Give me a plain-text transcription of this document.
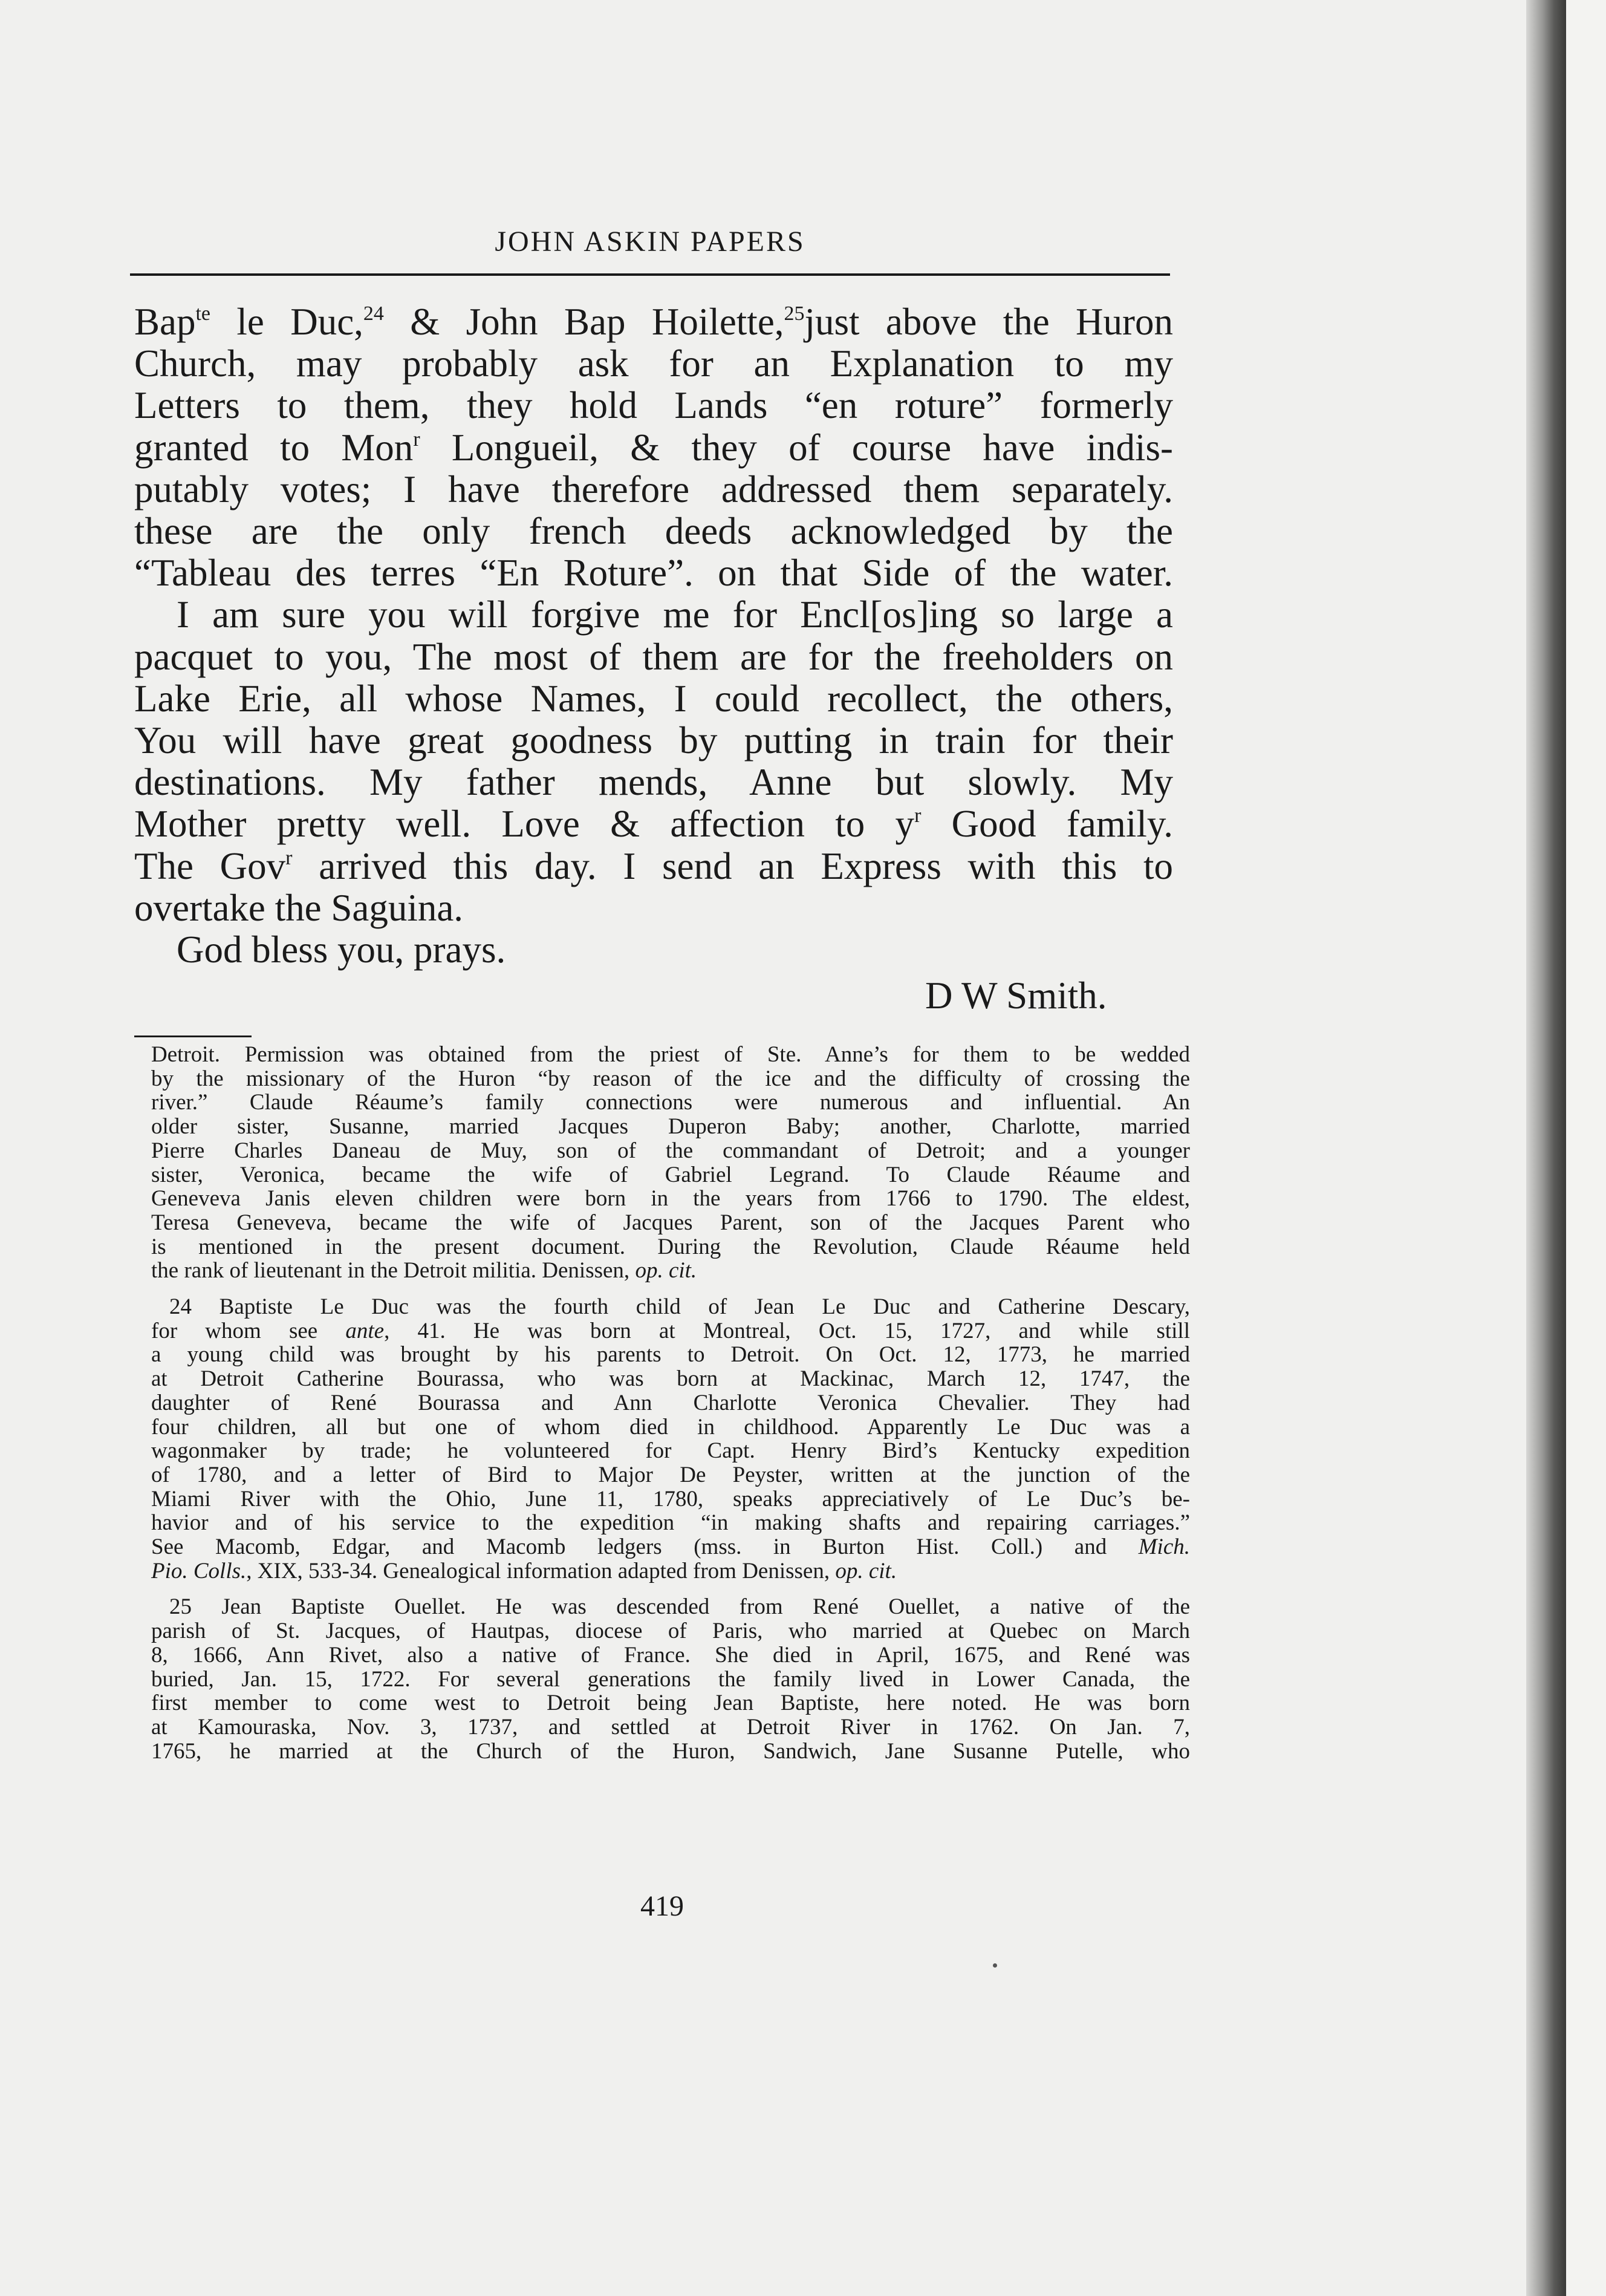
JOHN ASKIN PAPERS
Bap$^{te}$ le Duc,$^{24}$ & John Bap Hoilette,$^{25}$just above the Huron
Church, may probably ask for an Explanation to my
Letters to them, they hold Lands “en roture” formerly
granted to Mon$^r$ Longueil, & they of course have indis-
putably votes; I have therefore addressed them separately.
these are the only french deeds acknowledged by the
“Tableau des terres “En Roture”. on that Side of the water.
I am sure you will forgive me for Encl[os]ing so large a
pacquet to you, The most of them are for the freeholders on
Lake Erie, all whose Names, I could recollect, the others,
You will have great goodness by putting in train for their
destinations. My father mends, Anne but slowly. My
Mother pretty well. Love & affection to $y^r$ Good family.
The Gov$^r$ arrived this day. I send an Express with this to
overtake the Saguina.
God bless you, prays.
D W Smith.
Detroit. Permission was obtained from the priest of Ste. Anne’s for them to be wedded
by the missionary of the Huron “by reason of the ice and the difficulty of crossing the
river.” Claude Réaume’s family connections were numerous and influential. An
older sister, Susanne, married Jacques Duperon Baby; another, Charlotte, married
Pierre Charles Daneau de Muy, son of the commandant of Detroit; and a younger
sister, Veronica, became the wife of Gabriel Legrand. To Claude Réaume and
Geneveva Janis eleven children were born in the years from 1766 to 1790. The eldest,
Teresa Geneveva, became the wife of Jacques Parent, son of the Jacques Parent who
is mentioned in the present document. During the Revolution, Claude Réaume held
the rank of lieutenant in the Detroit militia. Denissen, op. cit.
24 Baptiste Le Duc was the fourth child of Jean Le Duc and Catherine Descary,
for whom see ante, 41. He was born at Montreal, Oct. 15, 1727, and while still
a young child was brought by his parents to Detroit. On Oct. 12, 1773, he married
at Detroit Catherine Bourassa, who was born at Mackinac, March 12, 1747, the
daughter of René Bourassa and Ann Charlotte Veronica Chevalier. They had
four children, all but one of whom died in childhood. Apparently Le Duc was a
wagonmaker by trade; he volunteered for Capt. Henry Bird’s Kentucky expedition
of 1780, and a letter of Bird to Major De Peyster, written at the junction of the
Miami River with the Ohio, June 11, 1780, speaks appreciatively of Le Duc’s be-
havior and of his service to the expedition “in making shafts and repairing carriages.”
See Macomb, Edgar, and Macomb ledgers (mss. in Burton Hist. Coll.) and Mich.
Pio. Colls., XIX, 533-34. Genealogical information adapted from Denissen, op. cit.
25 Jean Baptiste Ouellet. He was descended from René Ouellet, a native of the
parish of St. Jacques, of Hautpas, diocese of Paris, who married at Quebec on March
8, 1666, Ann Rivet, also a native of France. She died in April, 1675, and René was
buried, Jan. 15, 1722. For several generations the family lived in Lower Canada, the
first member to come west to Detroit being Jean Baptiste, here noted. He was born
at Kamouraska, Nov. 3, 1737, and settled at Detroit River in 1762. On Jan. 7,
1765, he married at the Church of the Huron, Sandwich, Jane Susanne Putelle, who
419
